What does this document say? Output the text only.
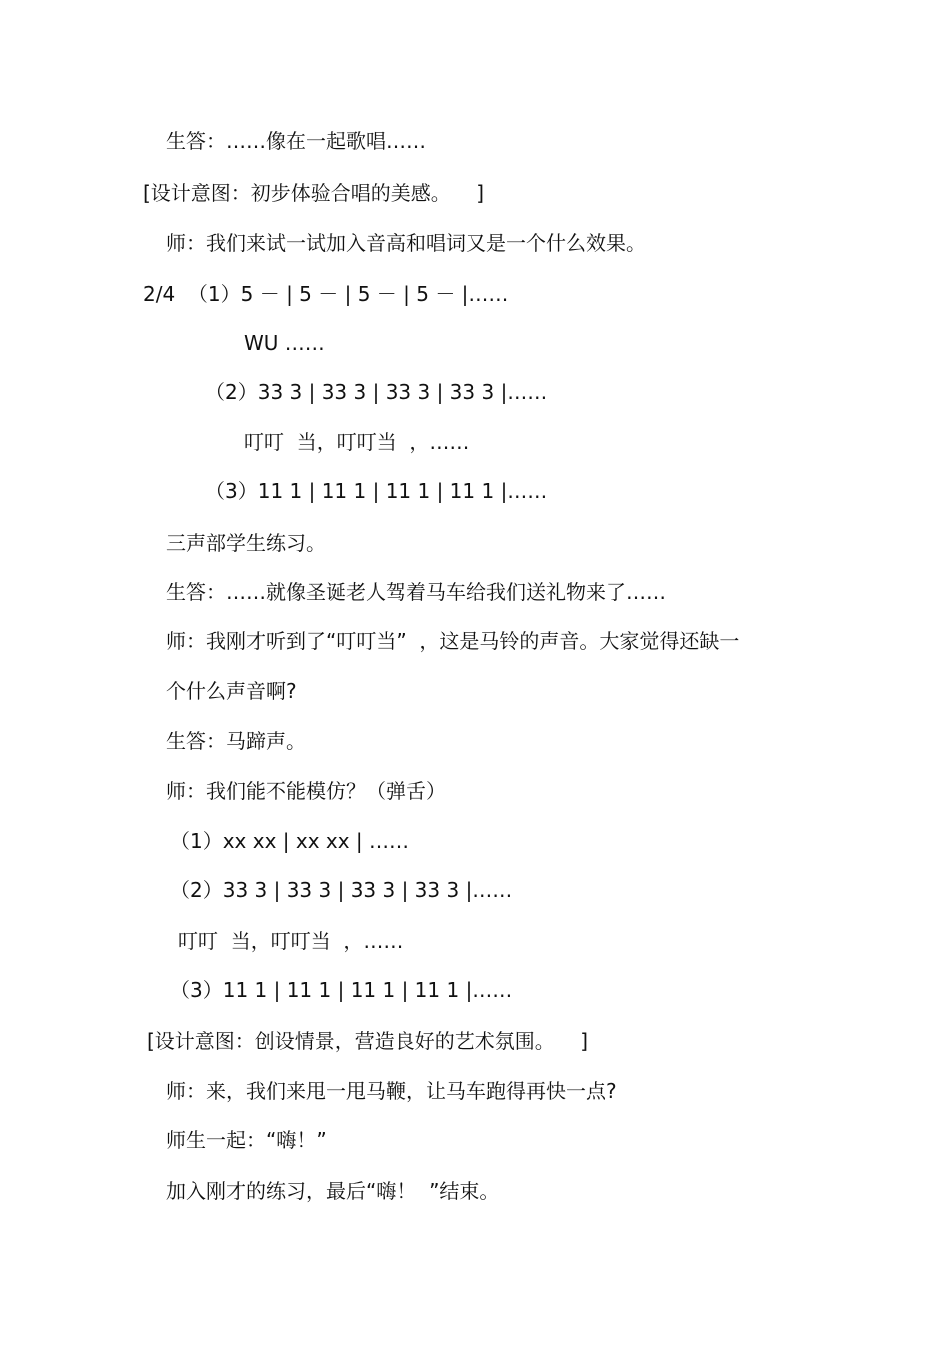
生答：……像在一起歌唱……
[设计意图：初步体验合唱的美感。    ]
师：我们来试一试加入音高和唱词又是一个什么效果。
2/4  （1）5 － | 5 － | 5 － | 5 － |……
WU ……
（2）33 3 | 33 3 | 33 3 | 33 3 |……
叮叮  当，叮叮当  ，……
（3）11 1 | 11 1 | 11 1 | 11 1 |……
三声部学生练习。
生答：……就像圣诞老人驾着马车给我们送礼物来了……
师：我刚才听到了“叮叮当”  ，这是马铃的声音。大家觉得还缺一
个什么声音啊?
生答：马蹄声。
师：我们能不能模仿？（弹舌）
（1）xx xx | xx xx | ……
（2）33 3 | 33 3 | 33 3 | 33 3 |……
叮叮  当，叮叮当  ，……
（3）11 1 | 11 1 | 11 1 | 11 1 |……
[设计意图：创设情景，营造良好的艺术氛围。    ]
师：来，我们来甩一甩马鞭，让马车跑得再快一点?
师生一起：“嗨！”
加入刚才的练习，最后“嗨！  ”结束。
